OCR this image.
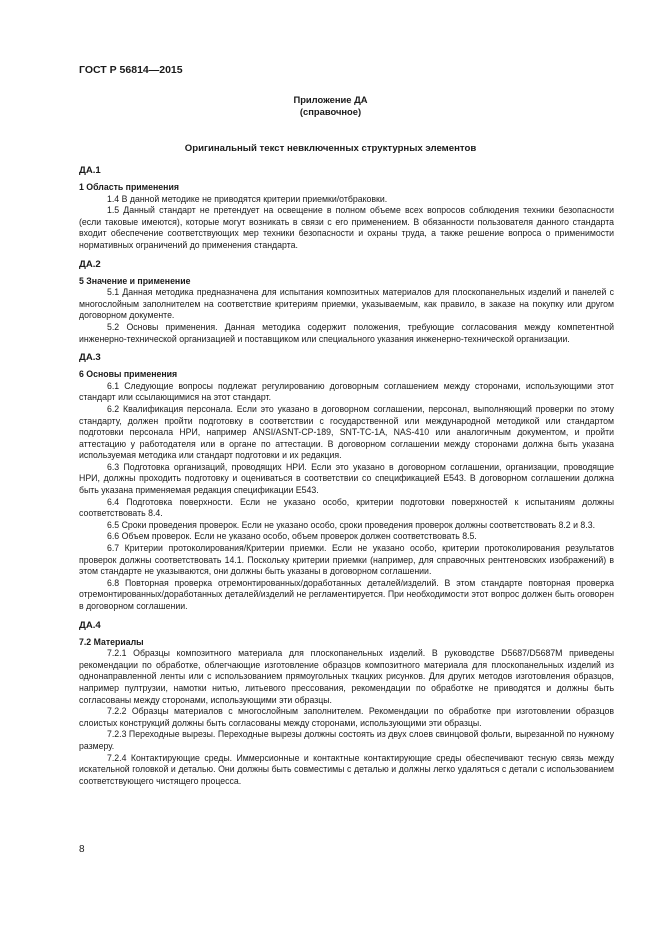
ГОСТ Р 56814—2015
Приложение ДА
(справочное)
Оригинальный текст невключенных структурных элементов
ДА.1
1 Область применения

1.4 В данной методике не приводятся критерии приемки/отбраковки.

1.5 Данный стандарт не претендует на освещение в полном объеме всех вопросов соблюдения техники безопасности (если таковые имеются), которые могут возникать в связи с его применением. В обязанности пользователя данного стандарта входит обеспечение соответствующих мер техники безопасности и охраны труда, а также решение вопроса о применимости нормативных ограничений до применения стандарта.

ДА.2
5 Значение и применение

5.1 Данная методика предназначена для испытания композитных материалов для плоскопанельных изделий и панелей с многослойным заполнителем на соответствие критериям приемки, указываемым, как правило, в заказе на покупку или другом договорном документе.

5.2 Основы применения. Данная методика содержит положения, требующие согласования между компетентной инженерно-технической организацией и поставщиком или специального указания инженерно-технической организации.

ДА.3
6 Основы применения

6.1 Следующие вопросы подлежат регулированию договорным соглашением между сторонами, использующими этот стандарт или ссылающимися на этот стандарт.

6.2 Квалификация персонала. Если это указано в договорном соглашении, персонал, выполняющий проверки по этому стандарту, должен пройти подготовку в соответствии с государственной или международной методикой или стандартом подготовки персонала НРИ, например ANSI/ASNT-CP-189, SNT-TC-1A, NAS-410 или аналогичным документом, и пройти аттестацию у работодателя или в органе по аттестации. В договорном соглашении между сторонами должна быть указана используемая методика или стандарт подготовки и их редакция.

6.3 Подготовка организаций, проводящих НРИ. Если это указано в договорном соглашении, организации, проводящие НРИ, должны проходить подготовку и оцениваться в соответствии со спецификацией E543. В договорном соглашении должна быть указана применяемая редакция спецификации E543.

6.4 Подготовка поверхности. Если не указано особо, критерии подготовки поверхностей к испытаниям должны соответствовать 8.4.

6.5 Сроки проведения проверок. Если не указано особо, сроки проведения проверок должны соответствовать 8.2 и 8.3.

6.6 Объем проверок. Если не указано особо, объем проверок должен соответствовать 8.5.

6.7 Критерии протоколирования/Критерии приемки. Если не указано особо, критерии протоколирования результатов проверок должны соответствовать 14.1. Поскольку критерии приемки (например, для справочных рентгеновских изображений) в этом стандарте не указываются, они должны быть указаны в договорном соглашении.

6.8 Повторная проверка отремонтированных/доработанных деталей/изделий. В этом стандарте повторная проверка отремонтированных/доработанных деталей/изделий не регламентируется. При необходимости этот вопрос должен быть оговорен в договорном соглашении.

ДА.4
7.2 Материалы

7.2.1 Образцы композитного материала для плоскопанельных изделий. В руководстве D5687/D5687M приведены рекомендации по обработке, облегчающие изготовление образцов композитного материала для плоскопанельных изделий из однонаправленной ленты или с использованием прямоугольных ткацких рисунков. Для других методов изготовления образцов, например пултрузии, намотки нитью, литьевого прессования, рекомендации по обработке не приводятся и должны быть согласованы между сторонами, использующими эти образцы.

7.2.2 Образцы материалов с многослойным заполнителем. Рекомендации по обработке при изготовлении образцов слоистых конструкций должны быть согласованы между сторонами, использующими эти образцы.

7.2.3 Переходные вырезы. Переходные вырезы должны состоять из двух слоев свинцовой фольги, вырезанной по нужному размеру.

7.2.4 Контактирующие среды. Иммерсионные и контактные контактирующие среды обеспечивают тесную связь между искательной головкой и деталью. Они должны быть совместимы с деталью и должны легко удаляться с детали с использованием соответствующего чистящего процесса.

8
